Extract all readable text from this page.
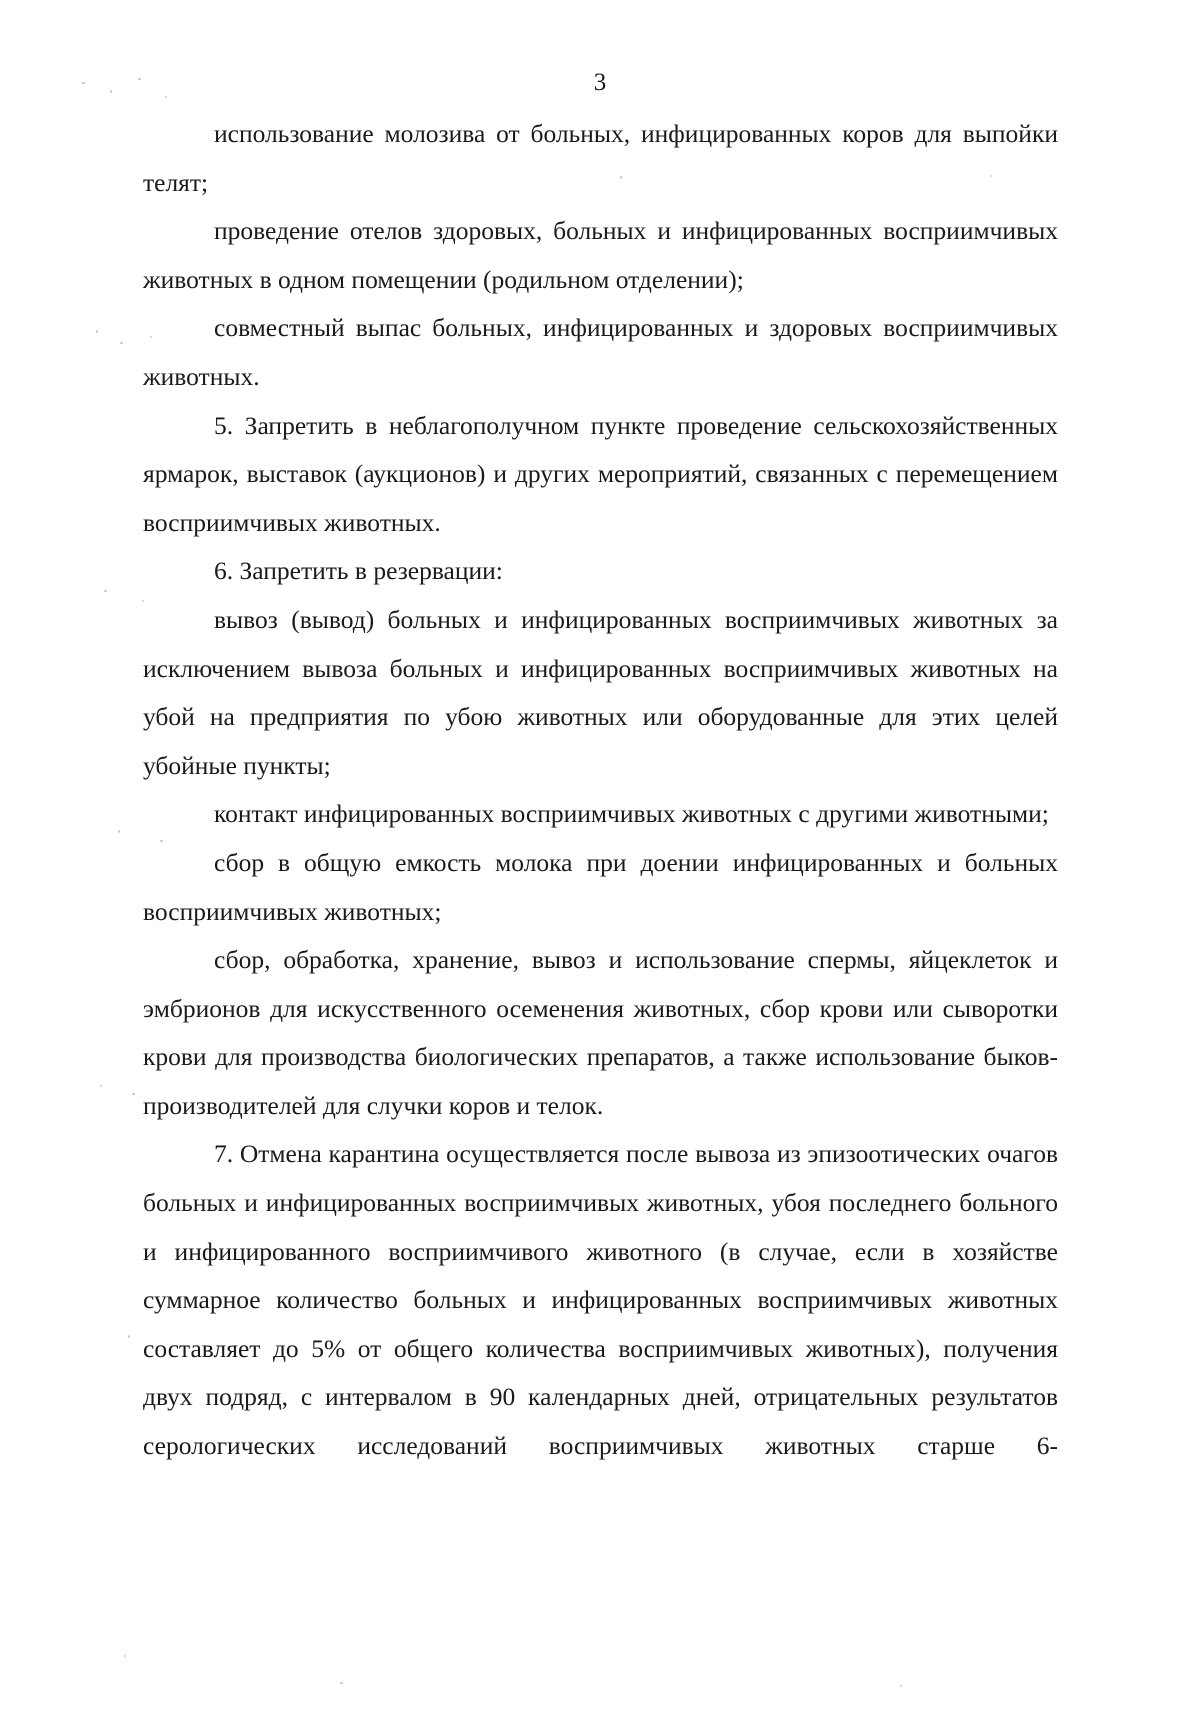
3

использование молозива от больных, инфицированных коров для выпойки телят;

проведение отелов здоровых, больных и инфицированных восприимчивых животных в одном помещении (родильном отделении);

совместный выпас больных, инфицированных и здоровых восприимчивых животных.

5. Запретить в неблагополучном пункте проведение сельскохозяйственных ярмарок, выставок (аукционов) и других мероприятий, связанных с перемещением восприимчивых животных.

6. Запретить в резервации:

вывоз (вывод) больных и инфицированных восприимчивых животных за исключением вывоза больных и инфицированных восприимчивых животных на убой на предприятия по убою животных или оборудованные для этих целей убойные пункты;

контакт инфицированных восприимчивых животных с другими животными;

сбор в общую емкость молока при доении инфицированных и больных восприимчивых животных;

сбор, обработка, хранение, вывоз и использование спермы, яйцеклеток и эмбрионов для искусственного осеменения животных, сбор крови или сыворотки крови для производства биологических препаратов, а также использование быков-производителей для случки коров и телок.

7. Отмена карантина осуществляется после вывоза из эпизоотических очагов больных и инфицированных восприимчивых животных, убоя последнего больного и инфицированного восприимчивого животного (в случае, если в хозяйстве суммарное количество больных и инфицированных восприимчивых животных составляет до 5% от общего количества восприимчивых животных), получения двух подряд, с интервалом в 90 календарных дней, отрицательных результатов серологических исследований восприимчивых животных старше 6-
